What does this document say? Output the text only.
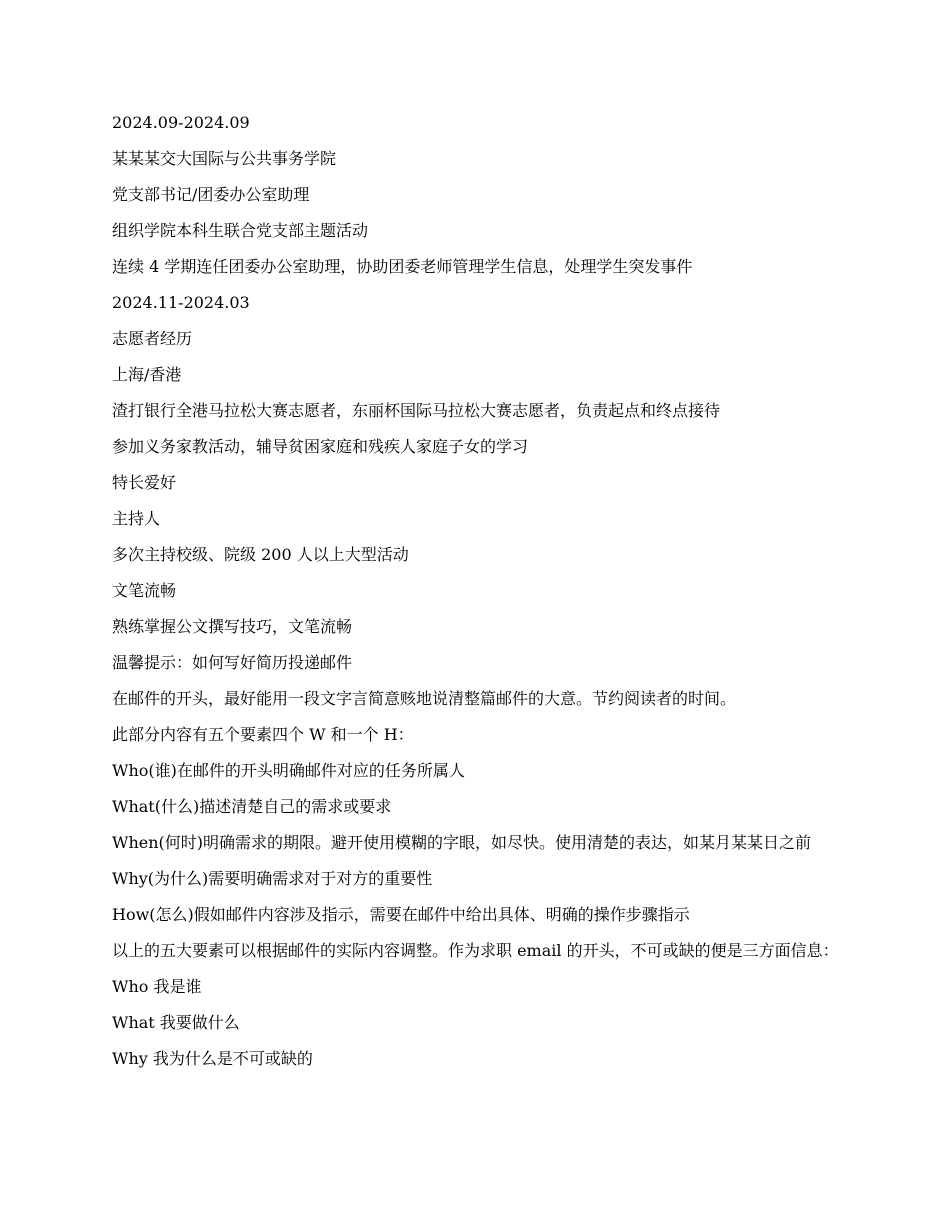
2024.09-2024.09

某某某交大国际与公共事务学院

党支部书记/团委办公室助理

组织学院本科生联合党支部主题活动

连续 4 学期连任团委办公室助理，协助团委老师管理学生信息，处理学生突发事件

2024.11-2024.03

志愿者经历

上海/香港

渣打银行全港马拉松大赛志愿者，东丽杯国际马拉松大赛志愿者，负责起点和终点接待

参加义务家教活动，辅导贫困家庭和残疾人家庭子女的学习

特长爱好

主持人

多次主持校级、院级 200 人以上大型活动

文笔流畅

熟练掌握公文撰写技巧，文笔流畅

温馨提示：如何写好简历投递邮件

在邮件的开头，最好能用一段文字言简意赅地说清整篇邮件的大意。节约阅读者的时间。

此部分内容有五个要素四个 W 和一个 H：

Who(谁)在邮件的开头明确邮件对应的任务所属人

What(什么)描述清楚自己的需求或要求

When(何时)明确需求的期限。避开使用模糊的字眼，如尽快。使用清楚的表达，如某月某某日之前

Why(为什么)需要明确需求对于对方的重要性

How(怎么)假如邮件内容涉及指示，需要在邮件中给出具体、明确的操作步骤指示

以上的五大要素可以根据邮件的实际内容调整。作为求职 email 的开头，不可或缺的便是三方面信息：

Who 我是谁

What 我要做什么

Why 我为什么是不可或缺的
